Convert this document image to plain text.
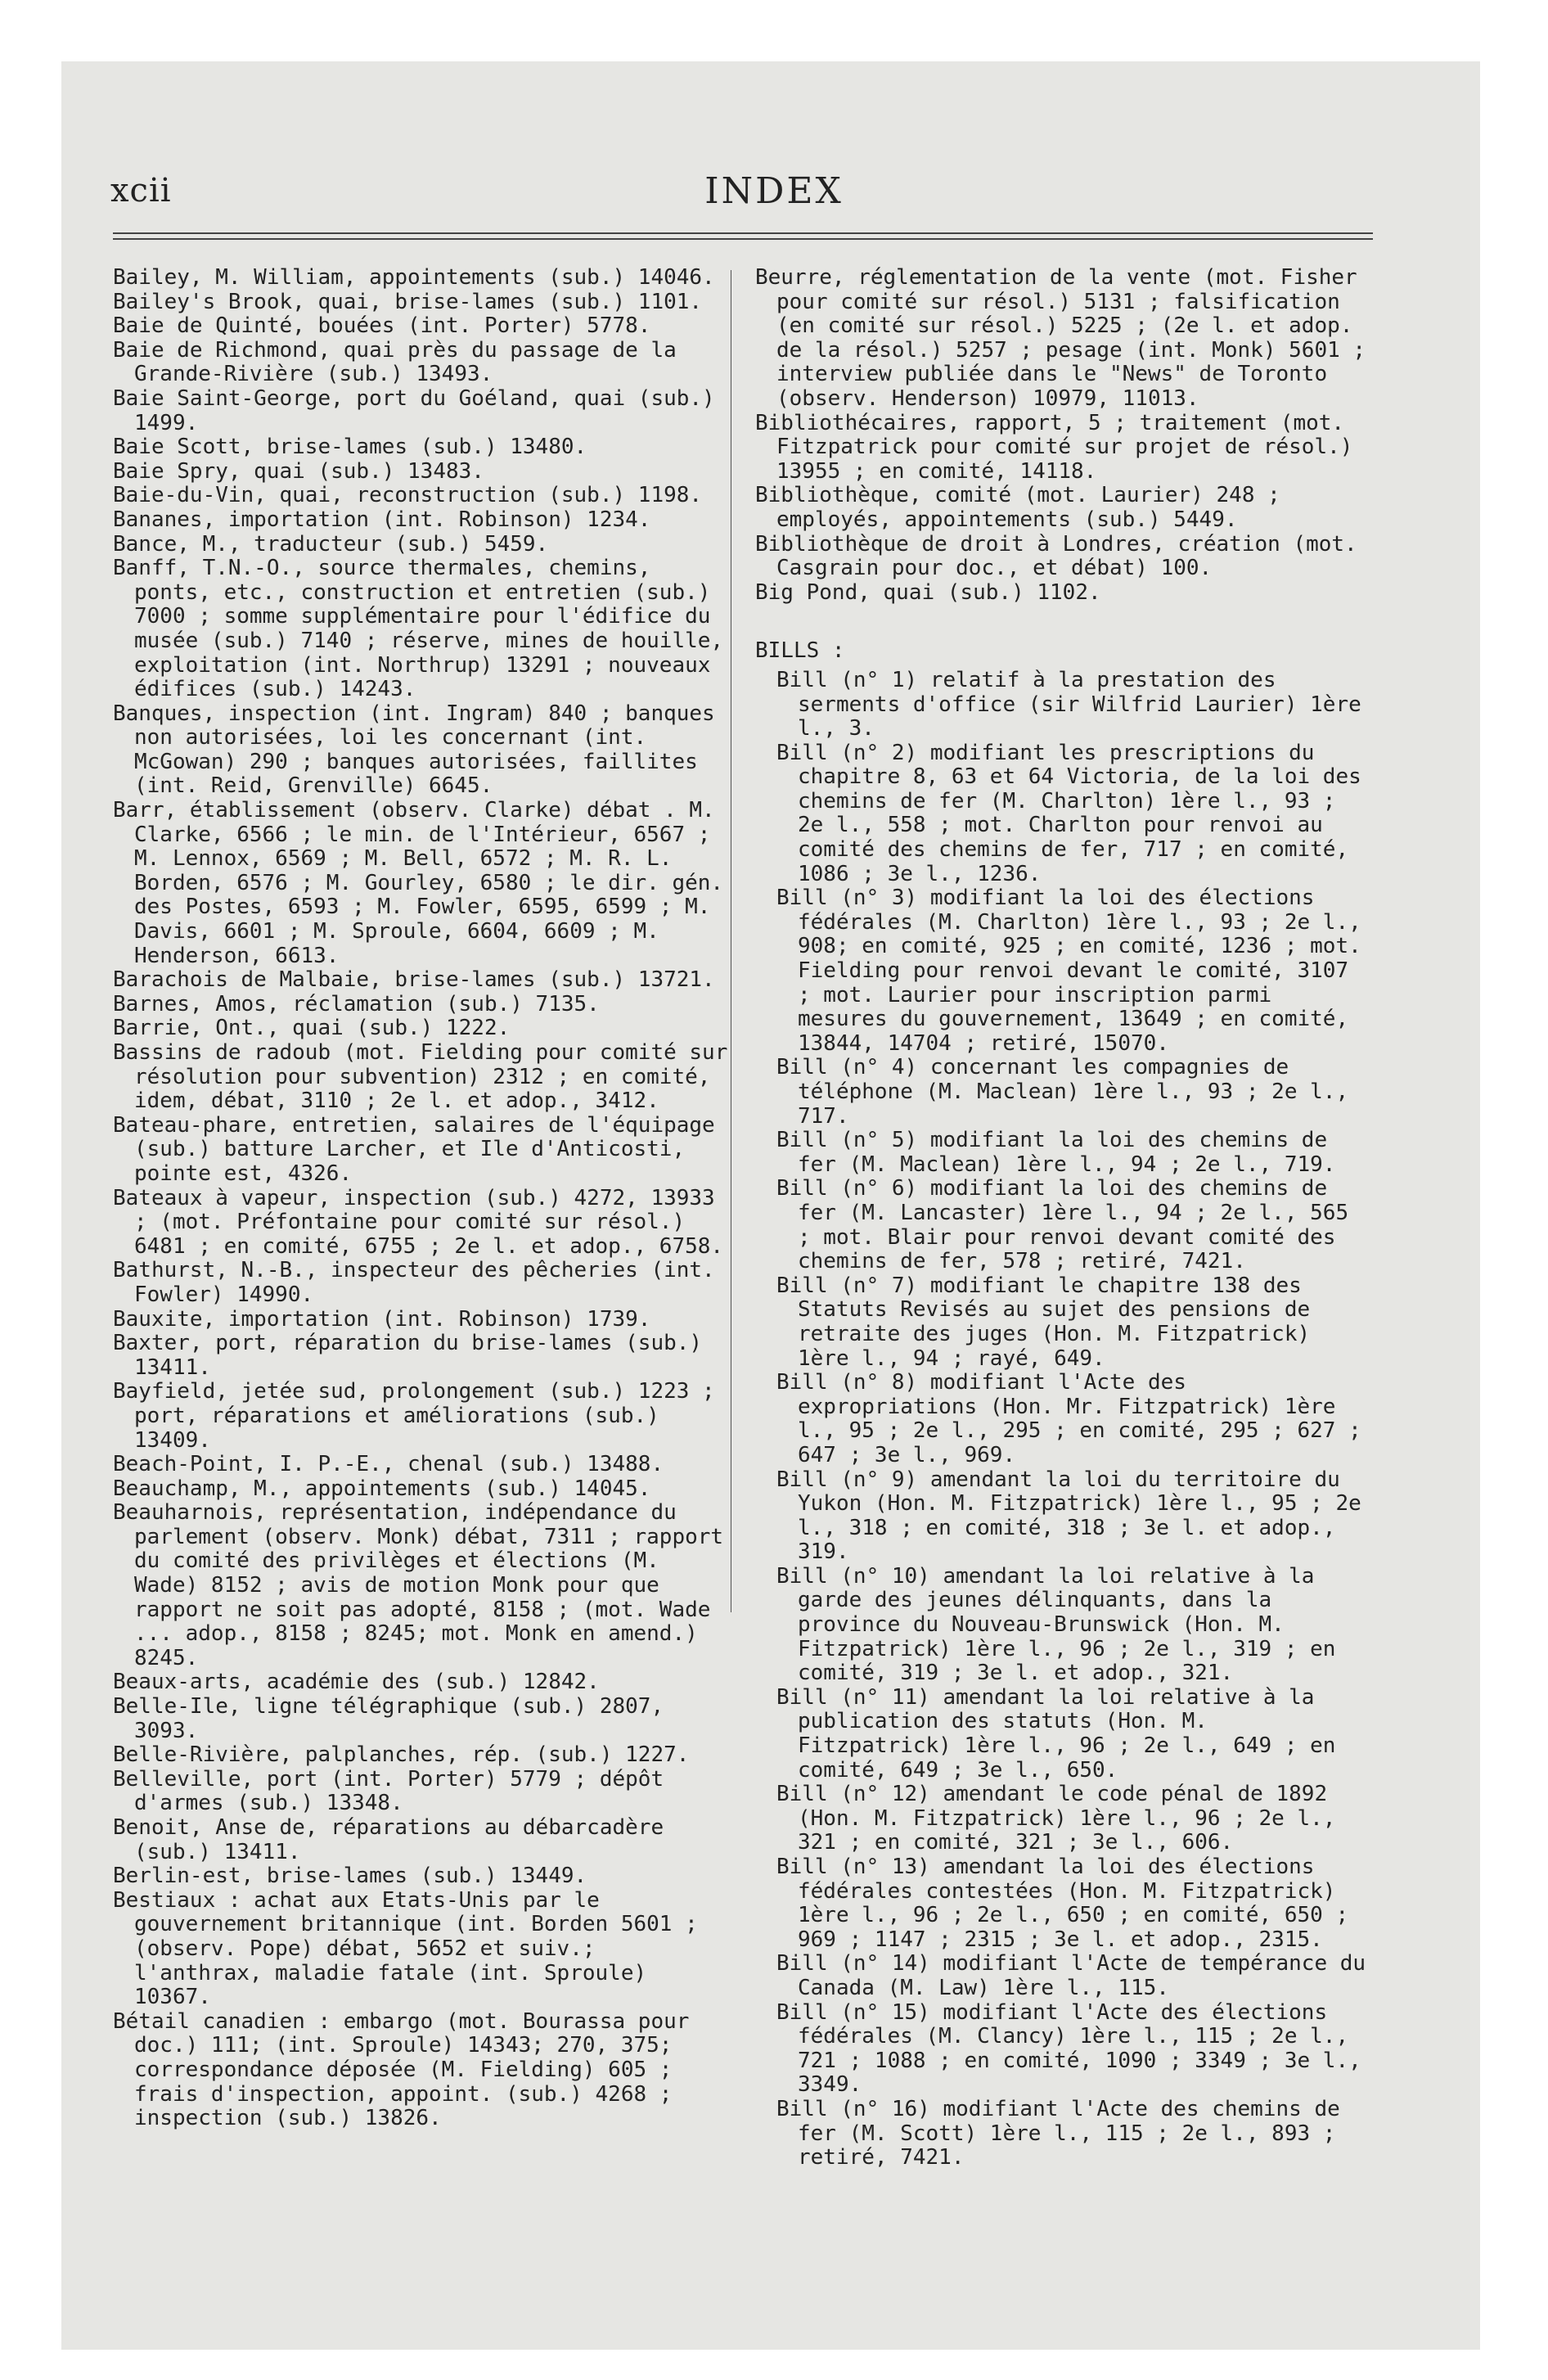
xcii	INDEX
Bailey, M. William, appointements (sub.) 14046.
Bailey's Brook, quai, brise-lames (sub.) 1101.
Baie de Quinté, bouées (int. Porter) 5778.
Baie de Richmond, quai près du passage de la Grande-Rivière (sub.) 13493.
Baie Saint-George, port du Goéland, quai (sub.) 1499.
Baie Scott, brise-lames (sub.) 13480.
Baie Spry, quai (sub.) 13483.
Baie-du-Vin, quai, reconstruction (sub.) 1198.
Bananes, importation (int. Robinson) 1234.
Bance, M., traducteur (sub.) 5459.
Banff, T.N.-O., source thermales, chemins, ponts, etc., construction et entretien (sub.) 7000 ; somme supplémentaire pour l'édifice du musée (sub.) 7140 ; réserve, mines de houille, exploitation (int. Northrup) 13291 ; nouveaux édifices (sub.) 14243.
Banques, inspection (int. Ingram) 840 ; banques non autorisées, loi les concernant (int. McGowan) 290 ; banques autorisées, faillites (int. Reid, Grenville) 6645.
Barr, établissement (observ. Clarke) débat . M. Clarke, 6566 ; le min. de l'Intérieur, 6567 ; M. Lennox, 6569 ; M. Bell, 6572 ; M. R. L. Borden, 6576 ; M. Gourley, 6580 ; le dir. gén. des Postes, 6593 ; M. Fowler, 6595, 6599 ; M. Davis, 6601 ; M. Sproule, 6604, 6609 ; M. Henderson, 6613.
Barachois de Malbaie, brise-lames (sub.) 13721.
Barnes, Amos, réclamation (sub.) 7135.
Barrie, Ont., quai (sub.) 1222.
Bassins de radoub (mot. Fielding pour comité sur résolution pour subvention) 2312 ; en comité, idem, débat, 3110 ; 2e l. et adop., 3412.
Bateau-phare, entretien, salaires de l'équipage (sub.) batture Larcher, et Ile d'Anticosti, pointe est, 4326.
Bateaux à vapeur, inspection (sub.) 4272, 13933 ; (mot. Préfontaine pour comité sur résol.) 6481 ; en comité, 6755 ; 2e l. et adop., 6758.
Bathurst, N.-B., inspecteur des pêcheries (int. Fowler) 14990.
Bauxite, importation (int. Robinson) 1739.
Baxter, port, réparation du brise-lames (sub.) 13411.
Bayfield, jetée sud, prolongement (sub.) 1223 ; port, réparations et améliorations (sub.) 13409.
Beach-Point, I. P.-E., chenal (sub.) 13488.
Beauchamp, M., appointements (sub.) 14045.
Beauharnois, représentation, indépendance du parlement (observ. Monk) débat, 7311 ; rapport du comité des privilèges et élections (M. Wade) 8152 ; avis de motion Monk pour que rapport ne soit pas adopté, 8158 ; (mot. Wade ... adop., 8158 ; 8245; mot. Monk en amend.) 8245.
Beaux-arts, académie des (sub.) 12842.
Belle-Ile, ligne télégraphique (sub.) 2807, 3093.
Belle-Rivière, palplanches, rép. (sub.) 1227.
Belleville, port (int. Porter) 5779 ; dépôt d'armes (sub.) 13348.
Benoit, Anse de, réparations au débarcadère (sub.) 13411.
Berlin-est, brise-lames (sub.) 13449.
Bestiaux : achat aux Etats-Unis par le gouvernement britannique (int. Borden 5601 ; (observ. Pope) débat, 5652 et suiv.; l'anthrax, maladie fatale (int. Sproule) 10367.
Bétail canadien : embargo (mot. Bourassa pour doc.) 111; (int. Sproule) 14343; 270, 375; correspondance déposée (M. Fielding) 605 ; frais d'inspection, appoint. (sub.) 4268 ; inspection (sub.) 13826.
Beurre, réglementation de la vente (mot. Fisher pour comité sur résol.) 5131 ; falsification (en comité sur résol.) 5225 ; (2e l. et adop. de la résol.) 5257 ; pesage (int. Monk) 5601 ; interview publiée dans le "News" de Toronto (observ. Henderson) 10979, 11013.
Bibliothécaires, rapport, 5 ; traitement (mot. Fitzpatrick pour comité sur projet de résol.) 13955 ; en comité, 14118.
Bibliothèque, comité (mot. Laurier) 248 ; employés, appointements (sub.) 5449.
Bibliothèque de droit à Londres, création (mot. Casgrain pour doc., et débat) 100.
Big Pond, quai (sub.) 1102.
BILLS :
Bill (n° 1) relatif à la prestation des serments d'office (sir Wilfrid Laurier) 1ère l., 3.
Bill (n° 2) modifiant les prescriptions du chapitre 8, 63 et 64 Victoria, de la loi des chemins de fer (M. Charlton) 1ère l., 93 ; 2e l., 558 ; mot. Charlton pour renvoi au comité des chemins de fer, 717 ; en comité, 1086 ; 3e l., 1236.
Bill (n° 3) modifiant la loi des élections fédérales (M. Charlton) 1ère l., 93 ; 2e l., 908; en comité, 925 ; en comité, 1236 ; mot. Fielding pour renvoi devant le comité, 3107 ; mot. Laurier pour inscription parmi mesures du gouvernement, 13649 ; en comité, 13844, 14704 ; retiré, 15070.
Bill (n° 4) concernant les compagnies de téléphone (M. Maclean) 1ère l., 93 ; 2e l., 717.
Bill (n° 5) modifiant la loi des chemins de fer (M. Maclean) 1ère l., 94 ; 2e l., 719.
Bill (n° 6) modifiant la loi des chemins de fer (M. Lancaster) 1ère l., 94 ; 2e l., 565 ; mot. Blair pour renvoi devant comité des chemins de fer, 578 ; retiré, 7421.
Bill (n° 7) modifiant le chapitre 138 des Statuts Revisés au sujet des pensions de retraite des juges (Hon. M. Fitzpatrick) 1ère l., 94 ; rayé, 649.
Bill (n° 8) modifiant l'Acte des expropriations (Hon. Mr. Fitzpatrick) 1ère l., 95 ; 2e l., 295 ; en comité, 295 ; 627 ; 647 ; 3e l., 969.
Bill (n° 9) amendant la loi du territoire du Yukon (Hon. M. Fitzpatrick) 1ère l., 95 ; 2e l., 318 ; en comité, 318 ; 3e l. et adop., 319.
Bill (n° 10) amendant la loi relative à la garde des jeunes délinquants, dans la province du Nouveau-Brunswick (Hon. M. Fitzpatrick) 1ère l., 96 ; 2e l., 319 ; en comité, 319 ; 3e l. et adop., 321.
Bill (n° 11) amendant la loi relative à la publication des statuts (Hon. M. Fitzpatrick) 1ère l., 96 ; 2e l., 649 ; en comité, 649 ; 3e l., 650.
Bill (n° 12) amendant le code pénal de 1892 (Hon. M. Fitzpatrick) 1ère l., 96 ; 2e l., 321 ; en comité, 321 ; 3e l., 606.
Bill (n° 13) amendant la loi des élections fédérales contestées (Hon. M. Fitzpatrick) 1ère l., 96 ; 2e l., 650 ; en comité, 650 ; 969 ; 1147 ; 2315 ; 3e l. et adop., 2315.
Bill (n° 14) modifiant l'Acte de tempérance du Canada (M. Law) 1ère l., 115.
Bill (n° 15) modifiant l'Acte des élections fédérales (M. Clancy) 1ère l., 115 ; 2e l., 721 ; 1088 ; en comité, 1090 ; 3349 ; 3e l., 3349.
Bill (n° 16) modifiant l'Acte des chemins de fer (M. Scott) 1ère l., 115 ; 2e l., 893 ; retiré, 7421.
